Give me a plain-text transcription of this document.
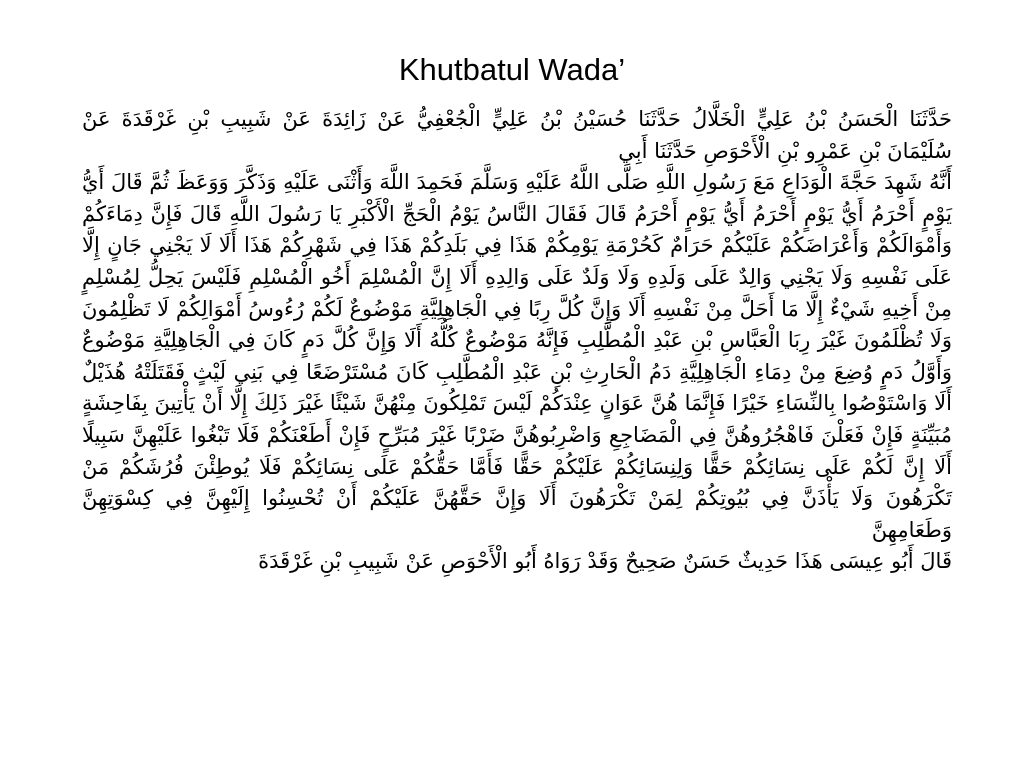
Khutbatul Wada’

حَدَّثَنَا الْحَسَنُ بْنُ عَلِيٍّ الْخَلَّالُ حَدَّثَنَا حُسَيْنُ بْنُ عَلِيٍّ الْجُعْفِيُّ عَنْ زَائِدَةَ عَنْ شَبِيبِ بْنِ غَرْقَدَةَ عَنْ سُلَيْمَانَ بْنِ عَمْرِو بْنِ الْأَحْوَصِ حَدَّثَنَا أَبِي

أَنَّهُ شَهِدَ حَجَّةَ الْوَدَاعِ مَعَ رَسُولِ اللَّهِ صَلَّى اللَّهُ عَلَيْهِ وَسَلَّمَ فَحَمِدَ اللَّهَ وَأَثْنَى عَلَيْهِ وَذَكَّرَ وَوَعَظَ ثُمَّ قَالَ أَيُّ يَوْمٍ أَحْرَمُ أَيُّ يَوْمٍ أَحْرَمُ أَيُّ يَوْمٍ أَحْرَمُ قَالَ فَقَالَ النَّاسُ يَوْمُ الْحَجِّ الْأَكْبَرِ يَا رَسُولَ اللَّهِ قَالَ فَإِنَّ دِمَاءَكُمْ وَأَمْوَالَكُمْ وَأَعْرَاضَكُمْ عَلَيْكُمْ حَرَامٌ كَحُرْمَةِ يَوْمِكُمْ هَذَا فِي بَلَدِكُمْ هَذَا فِي شَهْرِكُمْ هَذَا أَلَا لَا يَجْنِي جَانٍ إِلَّا عَلَى نَفْسِهِ وَلَا يَجْنِي وَالِدٌ عَلَى وَلَدِهِ وَلَا وَلَدٌ عَلَى وَالِدِهِ أَلَا إِنَّ الْمُسْلِمَ أَخُو الْمُسْلِمِ فَلَيْسَ يَحِلُّ لِمُسْلِمٍ مِنْ أَخِيهِ شَيْءٌ إِلَّا مَا أَحَلَّ مِنْ نَفْسِهِ أَلَا وَإِنَّ كُلَّ رِبًا فِي الْجَاهِلِيَّةِ مَوْضُوعٌ لَكُمْ رُءُوسُ أَمْوَالِكُمْ لَا تَظْلِمُونَ وَلَا تُظْلَمُونَ غَيْرَ رِبَا الْعَبَّاسِ بْنِ عَبْدِ الْمُطَّلِبِ فَإِنَّهُ مَوْضُوعٌ كُلُّهُ أَلَا وَإِنَّ كُلَّ دَمٍ كَانَ فِي الْجَاهِلِيَّةِ مَوْضُوعٌ وَأَوَّلُ دَمٍ وُضِعَ مِنْ دِمَاءِ الْجَاهِلِيَّةِ دَمُ الْحَارِثِ بْنِ عَبْدِ الْمُطَّلِبِ كَانَ مُسْتَرْضَعًا فِي بَنِي لَيْثٍ فَقَتَلَتْهُ هُذَيْلٌ أَلَا وَاسْتَوْصُوا بِالنِّسَاءِ خَيْرًا فَإِنَّمَا هُنَّ عَوَانٍ عِنْدَكُمْ لَيْسَ تَمْلِكُونَ مِنْهُنَّ شَيْئًا غَيْرَ ذَلِكَ إِلَّا أَنْ يَأْتِينَ بِفَاحِشَةٍ مُبَيِّنَةٍ فَإِنْ فَعَلْنَ فَاهْجُرُوهُنَّ فِي الْمَضَاجِعِ وَاضْرِبُوهُنَّ ضَرْبًا غَيْرَ مُبَرِّحٍ فَإِنْ أَطَعْنَكُمْ فَلَا تَبْغُوا عَلَيْهِنَّ سَبِيلًا أَلَا إِنَّ لَكُمْ عَلَى نِسَائِكُمْ حَقًّا وَلِنِسَائِكُمْ عَلَيْكُمْ حَقًّا فَأَمَّا حَقُّكُمْ عَلَى نِسَائِكُمْ فَلَا يُوطِئْنَ فُرُشَكُمْ مَنْ تَكْرَهُونَ وَلَا يَأْذَنَّ فِي بُيُوتِكُمْ لِمَنْ تَكْرَهُونَ أَلَا وَإِنَّ حَقَّهُنَّ عَلَيْكُمْ أَنْ تُحْسِنُوا إِلَيْهِنَّ فِي كِسْوَتِهِنَّ وَطَعَامِهِنَّ

قَالَ أَبُو عِيسَى هَذَا حَدِيثٌ حَسَنٌ صَحِيحٌ وَقَدْ رَوَاهُ أَبُو الْأَحْوَصِ عَنْ شَبِيبِ بْنِ غَرْقَدَةَ
